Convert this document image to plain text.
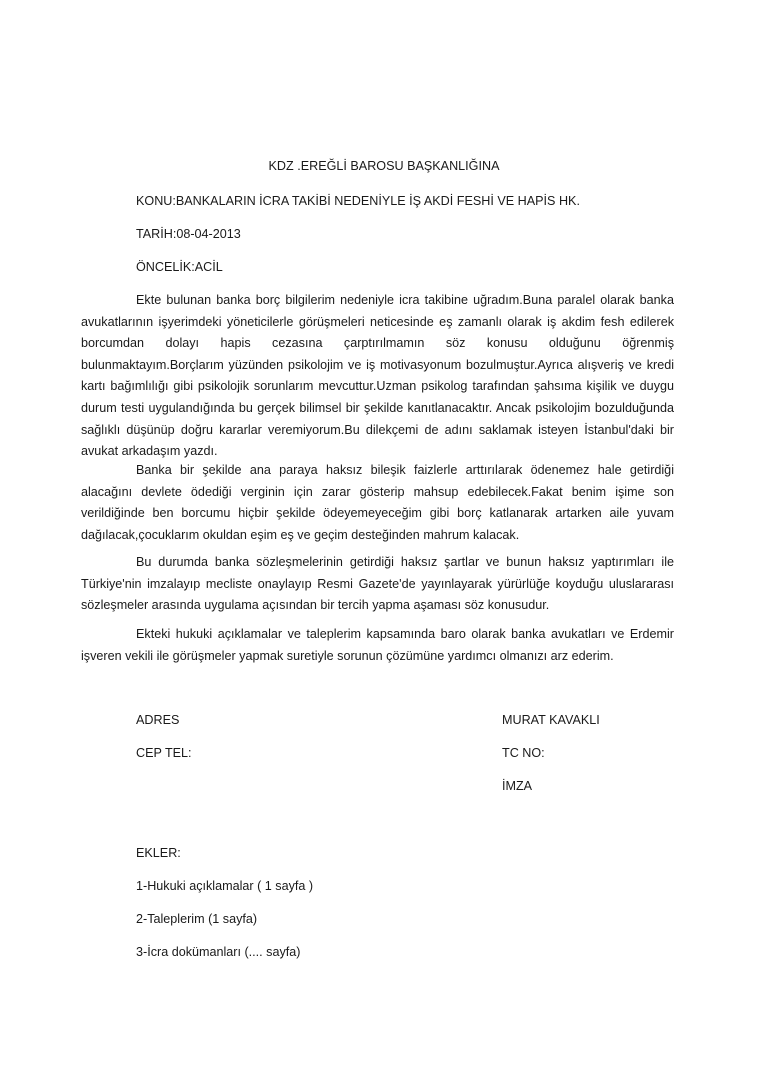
KDZ .EREĞLİ BAROSU BAŞKANLIĞINA
KONU:BANKALARIN İCRA TAKİBİ NEDENİYLE İŞ AKDİ FESHİ VE HAPİS HK.
TARİH:08-04-2013
ÖNCELİK:ACİL

Ekte bulunan banka borç bilgilerim nedeniyle icra takibine uğradım.Buna paralel olarak banka avukatlarının işyerimdeki yöneticilerle görüşmeleri neticesinde eş zamanlı olarak iş akdim fesh edilerek borcumdan dolayı hapis cezasına çarptırılmamın söz konusu olduğunu öğrenmiş bulunmaktayım.Borçlarım yüzünden psikolojim ve iş motivasyonum bozulmuştur.Ayrıca alışveriş ve kredi kartı bağımlılığı gibi psikolojik sorunlarım mevcuttur.Uzman psikolog tarafından şahsıma kişilik ve duygu durum testi uygulandığında bu gerçek bilimsel bir şekilde kanıtlanacaktır. Ancak psikolojim bozulduğunda sağlıklı düşünüp doğru kararlar veremiyorum.Bu dilekçemi de adını saklamak isteyen İstanbul'daki bir avukat arkadaşım yazdı.

Banka bir şekilde ana paraya haksız bileşik faizlerle arttırılarak ödenemez hale getirdiği alacağını devlete ödediği verginin için zarar gösterip mahsup edebilecek.Fakat benim işime son verildiğinde ben borcumu hiçbir şekilde ödeyemeyeceğim gibi borç katlanarak artarken aile yuvam dağılacak,çocuklarım okuldan eşim eş ve geçim desteğinden mahrum kalacak.

Bu durumda banka sözleşmelerinin getirdiği haksız şartlar ve bunun haksız yaptırımları ile Türkiye'nin imzalayıp mecliste onaylayıp Resmi Gazete'de yayınlayarak yürürlüğe koyduğu uluslararası sözleşmeler arasında uygulama açısından bir tercih yapma aşaması söz konusudur.

Ekteki hukuki açıklamalar ve taleplerim kapsamında baro olarak banka avukatları ve Erdemir işveren vekili ile görüşmeler yapmak suretiyle sorunun çözümüne yardımcı olmanızı arz ederim.

ADRES	MURAT KAVAKLI
CEP TEL:	TC NO:
İMZA
EKLER:
1-Hukuki açıklamalar ( 1 sayfa )
2-Taleplerim (1 sayfa)
3-İcra dokümanları (.... sayfa)
